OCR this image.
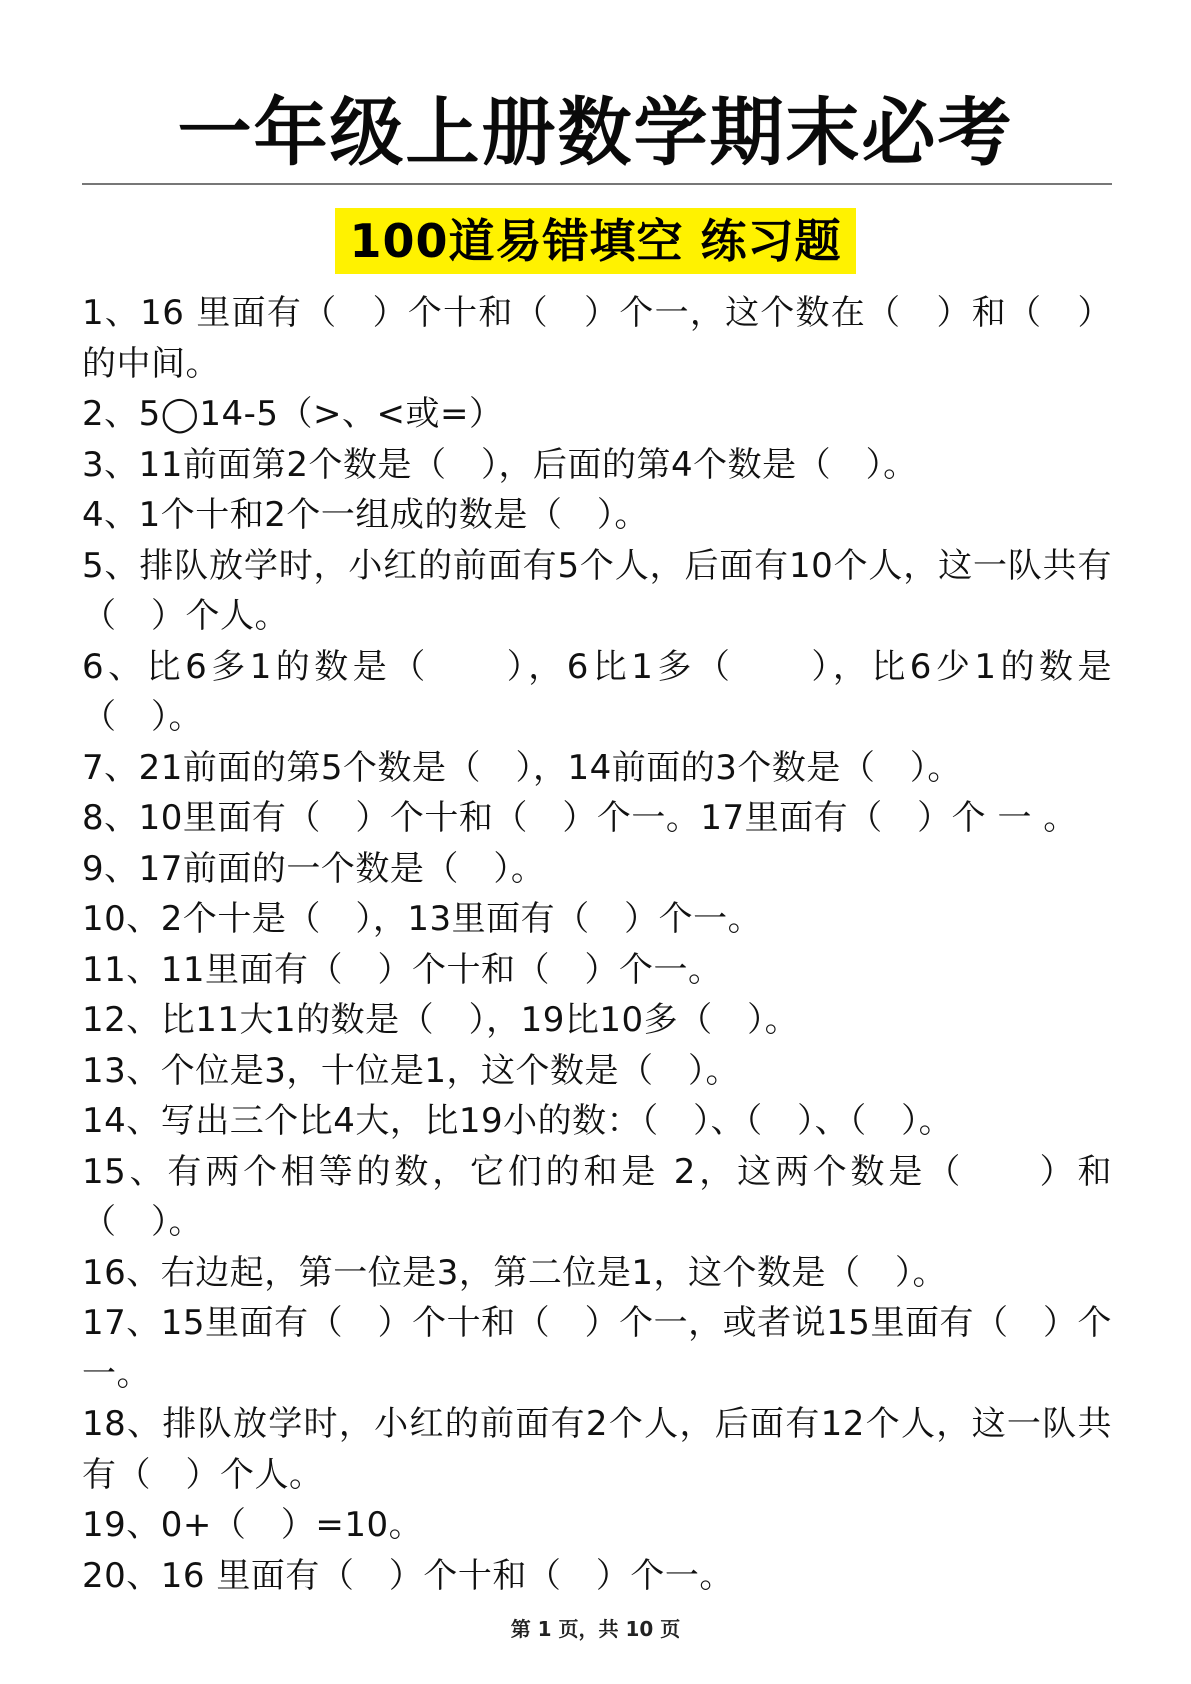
一年级上册数学期末必考
100道易错填空 练习题
1、16 里面有（　）个十和（　）个一，这个数在（　）和（　）的中间。
2、5◯14-5（>、<或=）
3、11前面第2个数是（　），后面的第4个数是（　）。
4、1个十和2个一组成的数是（　）。
5、排队放学时，小红的前面有5个人，后面有10个人，这一队共有（　）个人。
6、比6多1的数是（　　），6比1多（　　），比6少1的数是（　）。
7、21前面的第5个数是（　），14前面的3个数是（　）。
8、10里面有（　）个十和（　）个一。17里面有（　）个 一 。
9、17前面的一个数是（　）。
10、2个十是（　），13里面有（　）个一。
11、11里面有（　）个十和（　）个一。
12、比11大1的数是（　），19比10多（　）。
13、个位是3，十位是1，这个数是（　）。
14、写出三个比4大，比19小的数：（　）、（　）、（　）。
15、有两个相等的数，它们的和是 2，这两个数是（　　）和（　）。
16、右边起，第一位是3，第二位是1，这个数是（　）。
17、15里面有（　）个十和（　）个一，或者说15里面有（　）个一。
18、排队放学时，小红的前面有2个人，后面有12个人，这一队共有（　）个人。
19、0+（　）=10。
20、16 里面有（　）个十和（　）个一。
第 1 页，共 10 页
